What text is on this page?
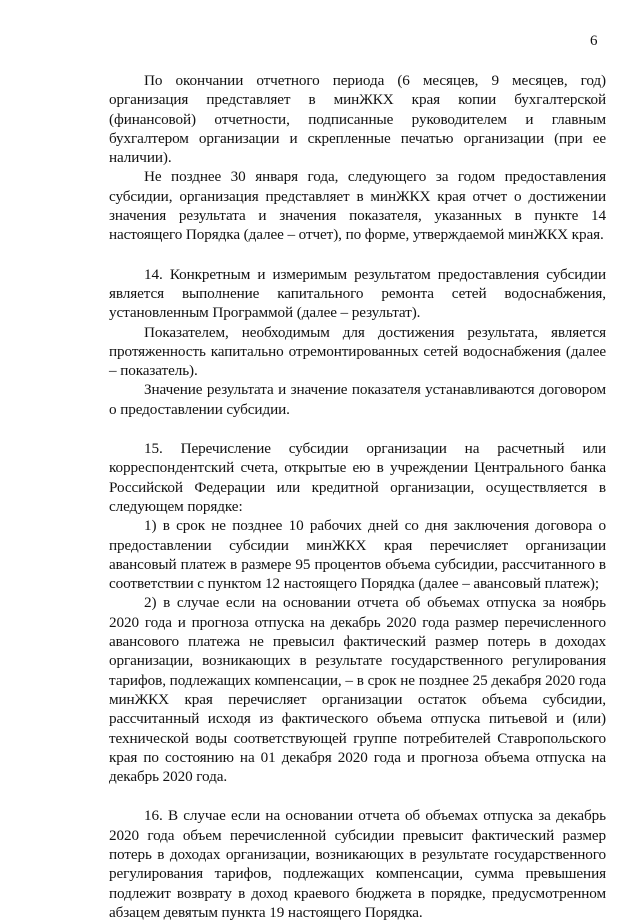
6

По окончании отчетного периода (6 месяцев, 9 месяцев, год) организация представляет в минЖКХ края копии бухгалтерской (финансовой) отчетности, подписанные руководителем и главным бухгалтером организации и скрепленные печатью организации (при ее наличии).

Не позднее 30 января года, следующего за годом предоставления субсидии, организация представляет в минЖКХ края отчет о достижении значения результата и значения показателя, указанных в пункте 14 настоящего Порядка (далее – отчет), по форме, утверждаемой минЖКХ края.

14. Конкретным и измеримым результатом предоставления субсидии является выполнение капитального ремонта сетей водоснабжения, установленным Программой (далее – результат).

Показателем, необходимым для достижения результата, является протяженность капитально отремонтированных сетей водоснабжения (далее – показатель).

Значение результата и значение показателя устанавливаются договором о предоставлении субсидии.

15. Перечисление субсидии организации на расчетный или корреспондентский счета, открытые ею в учреждении Центрального банка Российской Федерации или кредитной организации, осуществляется в следующем порядке:

1) в срок не позднее 10 рабочих дней со дня заключения договора о предоставлении субсидии минЖКХ края перечисляет организации авансовый платеж в размере 95 процентов объема субсидии, рассчитанного в соответствии с пунктом 12 настоящего Порядка (далее – авансовый платеж);

2) в случае если на основании отчета об объемах отпуска за ноябрь 2020 года и прогноза отпуска на декабрь 2020 года размер перечисленного авансового платежа не превысил фактический размер потерь в доходах организации, возникающих в результате государственного регулирования тарифов, подлежащих компенсации, – в срок не позднее 25 декабря 2020 года минЖКХ края перечисляет организации остаток объема субсидии, рассчитанный исходя из фактического объема отпуска питьевой и (или) технической воды соответствующей группе потребителей Ставропольского края по состоянию на 01 декабря 2020 года и прогноза объема отпуска на декабрь 2020 года.

16. В случае если на основании отчета об объемах отпуска за декабрь 2020 года объем перечисленной субсидии превысит фактический размер потерь в доходах организации, возникающих в результате государственного регулирования тарифов, подлежащих компенсации, сумма превышения подлежит возврату в доход краевого бюджета в порядке, предусмотренном абзацем девятым пункта 19 настоящего Порядка.
